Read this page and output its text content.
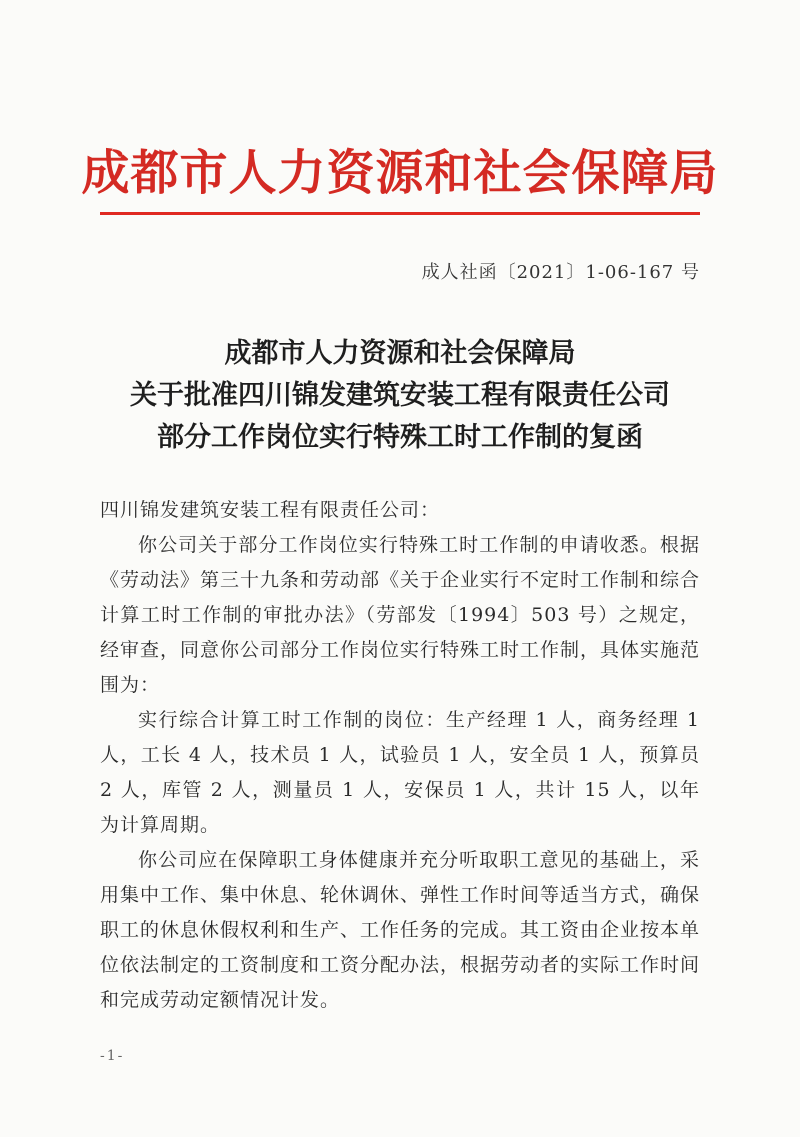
成都市人力资源和社会保障局
成人社函〔2021〕1-06-167 号
成都市人力资源和社会保障局
关于批准四川锦发建筑安装工程有限责任公司
部分工作岗位实行特殊工时工作制的复函

四川锦发建筑安装工程有限责任公司：

你公司关于部分工作岗位实行特殊工时工作制的申请收悉。根据《劳动法》第三十九条和劳动部《关于企业实行不定时工作制和综合计算工时工作制的审批办法》（劳部发〔1994〕503 号）之规定，经审查，同意你公司部分工作岗位实行特殊工时工作制，具体实施范围为：

实行综合计算工时工作制的岗位：生产经理 1 人，商务经理 1 人，工长 4 人，技术员 1 人，试验员 1 人，安全员 1 人，预算员 2 人，库管 2 人，测量员 1 人，安保员 1 人，共计 15 人，以年为计算周期。

你公司应在保障职工身体健康并充分听取职工意见的基础上，采用集中工作、集中休息、轮休调休、弹性工作时间等适当方式，确保职工的休息休假权利和生产、工作任务的完成。其工资由企业按本单位依法制定的工资制度和工资分配办法，根据劳动者的实际工作时间和完成劳动定额情况计发。

-1-
